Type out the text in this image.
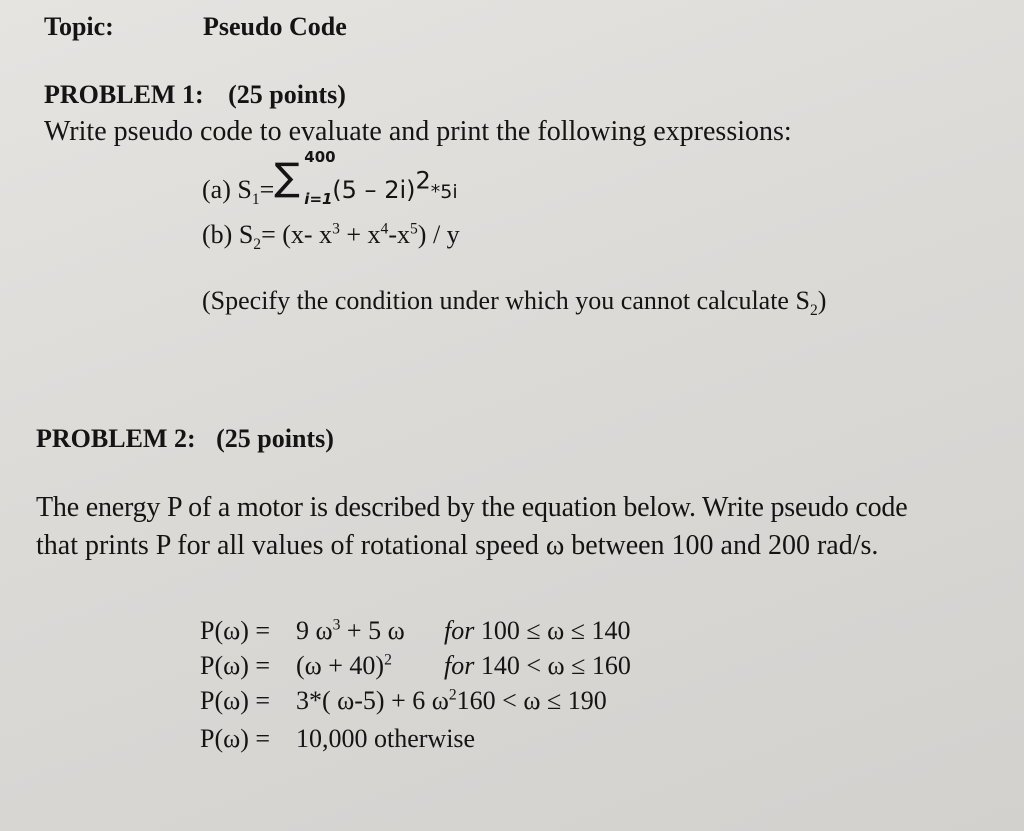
Topic:	Pseudo Code
PROBLEM 1: (25 points)
Write pseudo code to evaluate and print the following expressions:
(a) $S_1=$ ∑ 400
i=1 (5 – 2i)$^2$*5i
(b) $S_2= (x-$ $x^3 + x^4-x^5) / y$
(Specify the condition under which you cannot calculate $S_2$)
PROBLEM 2: (25 points)
The energy P of a motor is described by the equation below. Write pseudo code
that prints P for all values of rotational speed ω between 100 and 200 rad/s.
P(ω) =9 $\omega^3 + 5$ ω for 100 ≤ ω ≤ 140
$P(\omega) =(\omega + 40)^2$ for 140 < ω ≤ 160
P(ω) =3*( ω-5) + 6 $\omega^2160 < \omega \le 190$
P(ω) =10,000 otherwise
